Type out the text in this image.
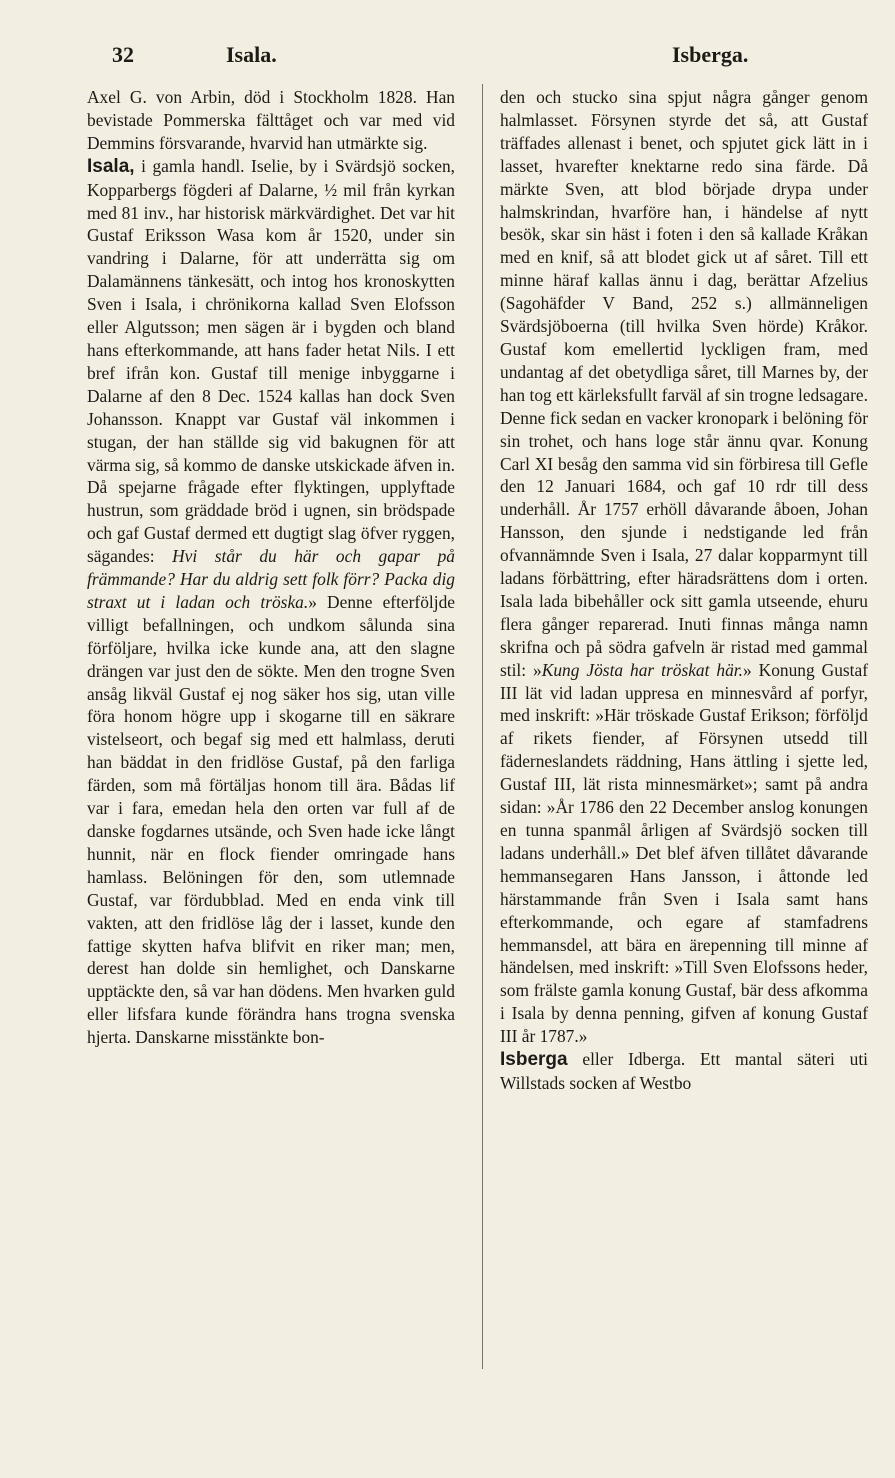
32	Isala.	Isberga.

Axel G. von Arbin, död i Stockholm 1828. Han bevistade Pommerska fälttåget och var med vid Demmins försvarande, hvarvid han utmärkte sig.

Isala, i gamla handl. Iselie, by i Svärdsjö socken, Kopparbergs fögderi af Dalarne, ½ mil från kyrkan med 81 inv., har historisk märkvärdighet. Det var hit Gustaf Eriksson Wasa kom år 1520, under sin vandring i Dalarne, för att underrätta sig om Dalamännens tänkesätt, och intog hos kronoskytten Sven i Isala, i chrönikorna kallad Sven Elofsson eller Algutsson; men sägen är i bygden och bland hans efterkommande, att hans fader hetat Nils. I ett bref ifrån kon. Gustaf till menige inbyggarne i Dalarne af den 8 Dec. 1524 kallas han dock Sven Johansson. Knappt var Gustaf väl inkommen i stugan, der han ställde sig vid bakugnen för att värma sig, så kommo de danske utskickade äfven in. Då spejarne frågade efter flyktingen, upplyftade hustrun, som gräddade bröd i ugnen, sin brödspade och gaf Gustaf dermed ett dugtigt slag öfver ryggen, sägandes: Hvi står du här och gapar på främmande? Har du aldrig sett folk förr? Packa dig straxt ut i ladan och tröska.» Denne efterföljde villigt befallningen, och undkom sålunda sina förföljare, hvilka icke kunde ana, att den slagne drängen var just den de sökte. Men den trogne Sven ansåg likväl Gustaf ej nog säker hos sig, utan ville föra honom högre upp i skogarne till en säkrare vistelseort, och begaf sig med ett halmlass, deruti han bäddat in den fridlöse Gustaf, på den farliga färden, som må förtäljas honom till ära. Bådas lif var i fara, emedan hela den orten var full af de danske fogdarnes utsände, och Sven hade icke långt hunnit, när en flock fiender omringade hans hamlass. Belöningen för den, som utlemnade Gustaf, var fördubblad. Med en enda vink till vakten, att den fridlöse låg der i lasset, kunde den fattige skytten hafva blifvit en riker man; men, derest han dolde sin hemlighet, och Danskarne upptäckte den, så var han dödens. Men hvarken guld eller lifsfara kunde förändra hans trogna svenska hjerta. Danskarne misstänkte bon-

den och stucko sina spjut några gånger genom halmlasset. Försynen styrde det så, att Gustaf träffades allenast i benet, och spjutet gick lätt in i lasset, hvarefter knektarne redo sina färde. Då märkte Sven, att blod började drypa under halmskrindan, hvarföre han, i händelse af nytt besök, skar sin häst i foten i den så kallade Kråkan med en knif, så att blodet gick ut af såret. Till ett minne häraf kallas ännu i dag, berättar Afzelius (Sagohäfder V Band, 252 s.) allmänneligen Svärdsjöboerna (till hvilka Sven hörde) Kråkor. Gustaf kom emellertid lyckligen fram, med undantag af det obetydliga såret, till Marnes by, der han tog ett kärleksfullt farväl af sin trogne ledsagare. Denne fick sedan en vacker kronopark i belöning för sin trohet, och hans loge står ännu qvar. Konung Carl XI besåg den samma vid sin förbiresa till Gefle den 12 Januari 1684, och gaf 10 rdr till dess underhåll. År 1757 erhöll dåvarande åboen, Johan Hansson, den sjunde i nedstigande led från ofvannämnde Sven i Isala, 27 dalar kopparmynt till ladans förbättring, efter häradsrättens dom i orten. Isala lada bibehåller ock sitt gamla utseende, ehuru flera gånger reparerad. Inuti finnas många namn skrifna och på södra gafveln är ristad med gammal stil: »Kung Jösta har tröskat här.» Konung Gustaf III lät vid ladan uppresa en minnesvård af porfyr, med inskrift: »Här tröskade Gustaf Erikson; förföljd af rikets fiender, af Försynen utsedd till fäderneslandets räddning, Hans ättling i sjette led, Gustaf III, lät rista minnesmärket»; samt på andra sidan: »År 1786 den 22 December anslog konungen en tunna spanmål årligen af Svärdsjö socken till ladans underhåll.» Det blef äfven tillåtet dåvarande hemmansegaren Hans Jansson, i åttonde led härstammande från Sven i Isala samt hans efterkommande, och egare af stamfadrens hemmansdel, att bära en ärepenning till minne af händelsen, med inskrift: »Till Sven Elofssons heder, som frälste gamla konung Gustaf, bär dess afkomma i Isala by denna penning, gifven af konung Gustaf III år 1787.»

Isberga eller Idberga. Ett mantal säteri uti Willstads socken af Westbo
